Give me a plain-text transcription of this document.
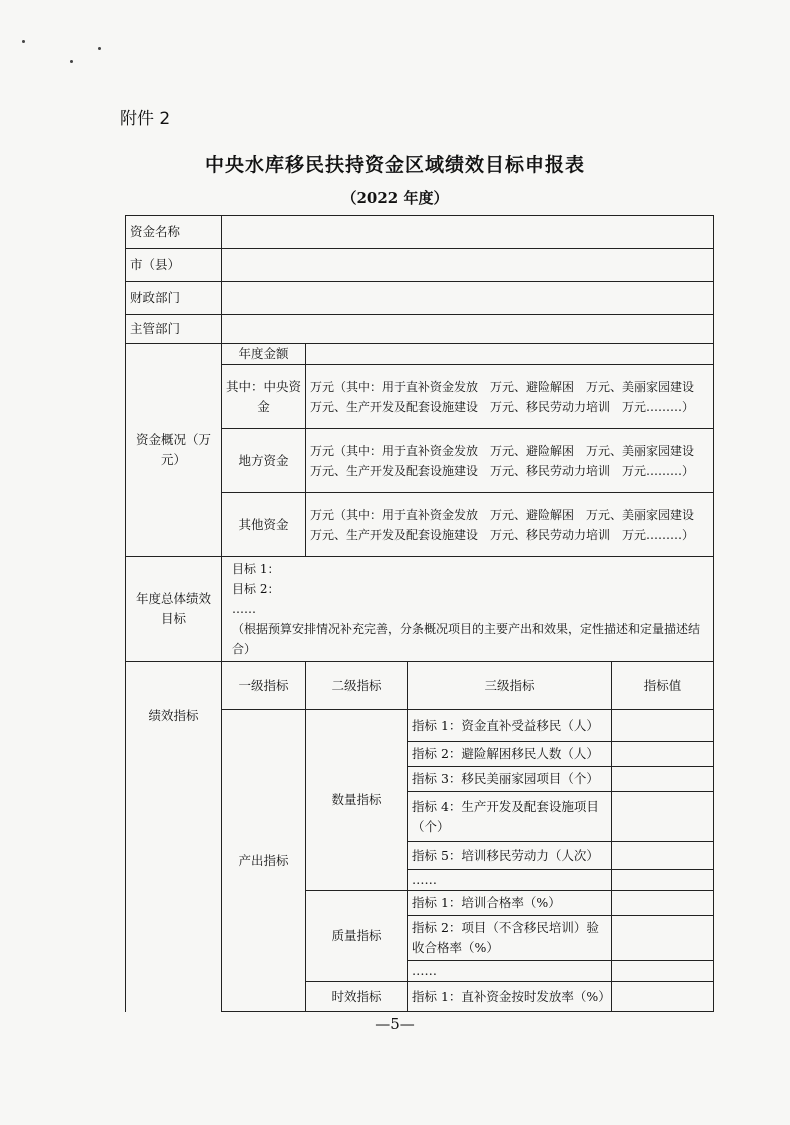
附件 2
中央水库移民扶持资金区域绩效目标申报表
（2022 年度）
资金名称				
市（县）				
财政部门				
主管部门				
资金概况（万元）	年度金额			
	其中：中央资金	万元（其中：用于直补资金发放　万元、避险解困　万元、美丽家园建设 万元、生产开发及配套设施建设　万元、移民劳动力培训　万元………）		
	地方资金	万元（其中：用于直补资金发放　万元、避险解困　万元、美丽家园建设 万元、生产开发及配套设施建设　万元、移民劳动力培训　万元………）		
	其他资金	万元（其中：用于直补资金发放　万元、避险解困　万元、美丽家园建设 万元、生产开发及配套设施建设　万元、移民劳动力培训　万元………）		
年度总体绩效目标	目标 1：
目标 2：
……
（根据预算安排情况补充完善，分条概况项目的主要产出和效果，定性描述和定量描述结合）			

绩效指标	一级指标	二级指标	三级指标	指标值
	产出指标	数量指标	指标 1：资金直补受益移民（人）	
			指标 2：避险解困移民人数（人）	
			指标 3：移民美丽家园项目（个）	
			指标 4：生产开发及配套设施项目（个）	
			指标 5：培训移民劳动力（人次）	
			……	
		质量指标	指标 1：培训合格率（%）	
			指标 2：项目（不含移民培训）验收合格率（%）	
			……	
		时效指标	指标 1：直补资金按时发放率（%）	
—5—
